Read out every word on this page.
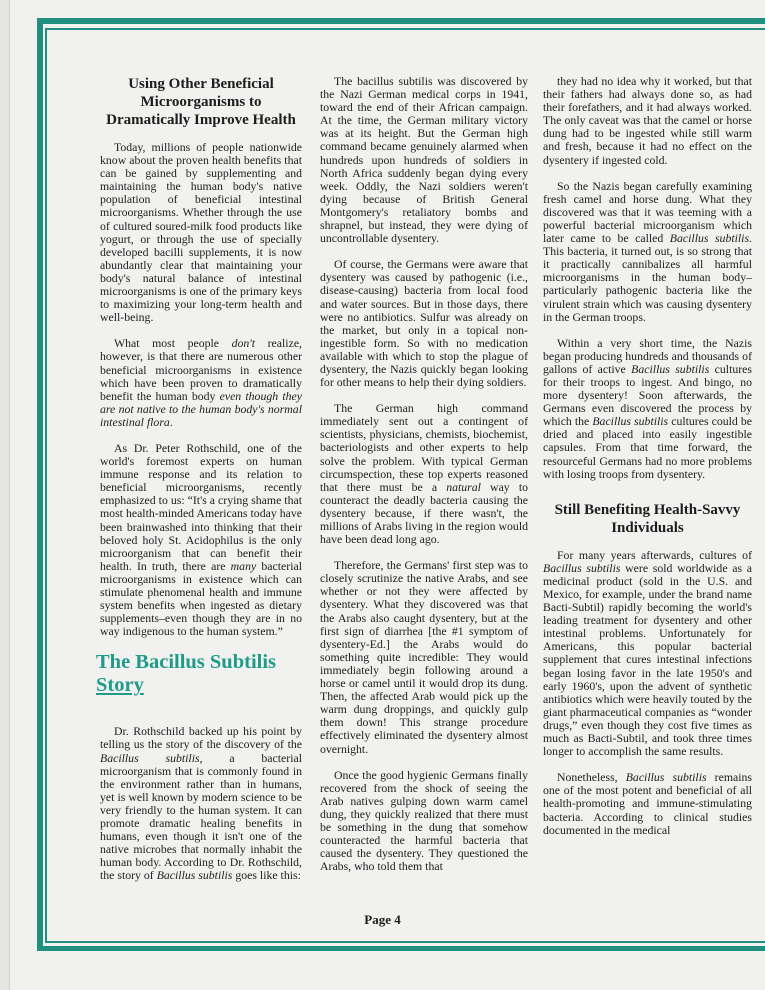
Using Other Beneficial Microorganisms to Dramatically Improve Health

Today, millions of people nationwide know about the proven health benefits that can be gained by supplementing and maintaining the human body's native population of beneficial intestinal microorganisms. Whether through the use of cultured soured-milk food products like yogurt, or through the use of specially developed bacilli supplements, it is now abundantly clear that maintaining your body's natural balance of intestinal microorganisms is one of the primary keys to maximizing your long-term health and well-being.

What most people don't realize, however, is that there are numerous other beneficial microorganisms in existence which have been proven to dramatically benefit the human body even though they are not native to the human body's normal intestinal flora.

As Dr. Peter Rothschild, one of the world's foremost experts on human immune response and its relation to beneficial microorganisms, recently emphasized to us: “It's a crying shame that most health-minded Americans today have been brainwashed into thinking that their beloved holy St. Acidophilus is the only microorganism that can benefit their health. In truth, there are many bacterial microorganisms in existence which can stimulate phenomenal health and immune system benefits when ingested as dietary supplements–even though they are in no way indigenous to the human system.”

The Bacillus Subtilis
Story

Dr. Rothschild backed up his point by telling us the story of the discovery of the Bacillus subtilis, a bacterial microorganism that is commonly found in the environment rather than in humans, yet is well known by modern science to be very friendly to the human system. It can promote dramatic healing benefits in humans, even though it isn't one of the native microbes that normally inhabit the human body. According to Dr. Rothschild, the story of Bacillus subtilis goes like this:

The bacillus subtilis was discovered by the Nazi German medical corps in 1941, toward the end of their African campaign. At the time, the German military victory was at its height. But the German high command became genuinely alarmed when hundreds upon hundreds of soldiers in North Africa suddenly began dying every week. Oddly, the Nazi soldiers weren't dying because of British General Montgomery's retaliatory bombs and shrapnel, but instead, they were dying of uncontrollable dysentery.

Of course, the Germans were aware that dysentery was caused by pathogenic (i.e., disease-causing) bacteria from local food and water sources. But in those days, there were no antibiotics. Sulfur was already on the market, but only in a topical non-ingestible form. So with no medication available with which to stop the plague of dysentery, the Nazis quickly began looking for other means to help their dying soldiers.

The German high command immediately sent out a contingent of scientists, physicians, chemists, biochemist, bacteriologists and other experts to help solve the problem. With typical German circumspection, these top experts reasoned that there must be a natural way to counteract the deadly bacteria causing the dysentery because, if there wasn't, the millions of Arabs living in the region would have been dead long ago.

Therefore, the Germans' first step was to closely scrutinize the native Arabs, and see whether or not they were affected by dysentery. What they discovered was that the Arabs also caught dysentery, but at the first sign of diarrhea [the #1 symptom of dysentery-Ed.] the Arabs would do something quite incredible: They would immediately begin following around a horse or camel until it would drop its dung. Then, the affected Arab would pick up the warm dung droppings, and quickly gulp them down! This strange procedure effectively eliminated the dysentery almost overnight.

Once the good hygienic Germans finally recovered from the shock of seeing the Arab natives gulping down warm camel dung, they quickly realized that there must be something in the dung that somehow counteracted the harmful bacteria that caused the dysentery. They questioned the Arabs, who told them that

they had no idea why it worked, but that their fathers had always done so, as had their forefathers, and it had always worked. The only caveat was that the camel or horse dung had to be ingested while still warm and fresh, because it had no effect on the dysentery if ingested cold.

So the Nazis began carefully examining fresh camel and horse dung. What they discovered was that it was teeming with a powerful bacterial microorganism which later came to be called Bacillus subtilis. This bacteria, it turned out, is so strong that it practically cannibalizes all harmful microorganisms in the human body–particularly pathogenic bacteria like the virulent strain which was causing dysentery in the German troops.

Within a very short time, the Nazis began producing hundreds and thousands of gallons of active Bacillus subtilis cultures for their troops to ingest. And bingo, no more dysentery! Soon afterwards, the Germans even discovered the process by which the Bacillus subtilis cultures could be dried and placed into easily ingestible capsules. From that time forward, the resourceful Germans had no more problems with losing troops from dysentery.

Still Benefiting Health-Savvy Individuals

For many years afterwards, cultures of Bacillus subtilis were sold worldwide as a medicinal product (sold in the U.S. and Mexico, for example, under the brand name Bacti-Subtil) rapidly becoming the world's leading treatment for dysentery and other intestinal problems. Unfortunately for Americans, this popular bacterial supplement that cures intestinal infections began losing favor in the late 1950's and early 1960's, upon the advent of synthetic antibiotics which were heavily touted by the giant pharmaceutical companies as “wonder drugs,” even though they cost five times as much as Bacti-Subtil, and took three times longer to accomplish the same results.

Nonetheless, Bacillus subtilis remains one of the most potent and beneficial of all health-promoting and immune-stimulating bacteria. According to clinical studies documented in the medical

Page 4
